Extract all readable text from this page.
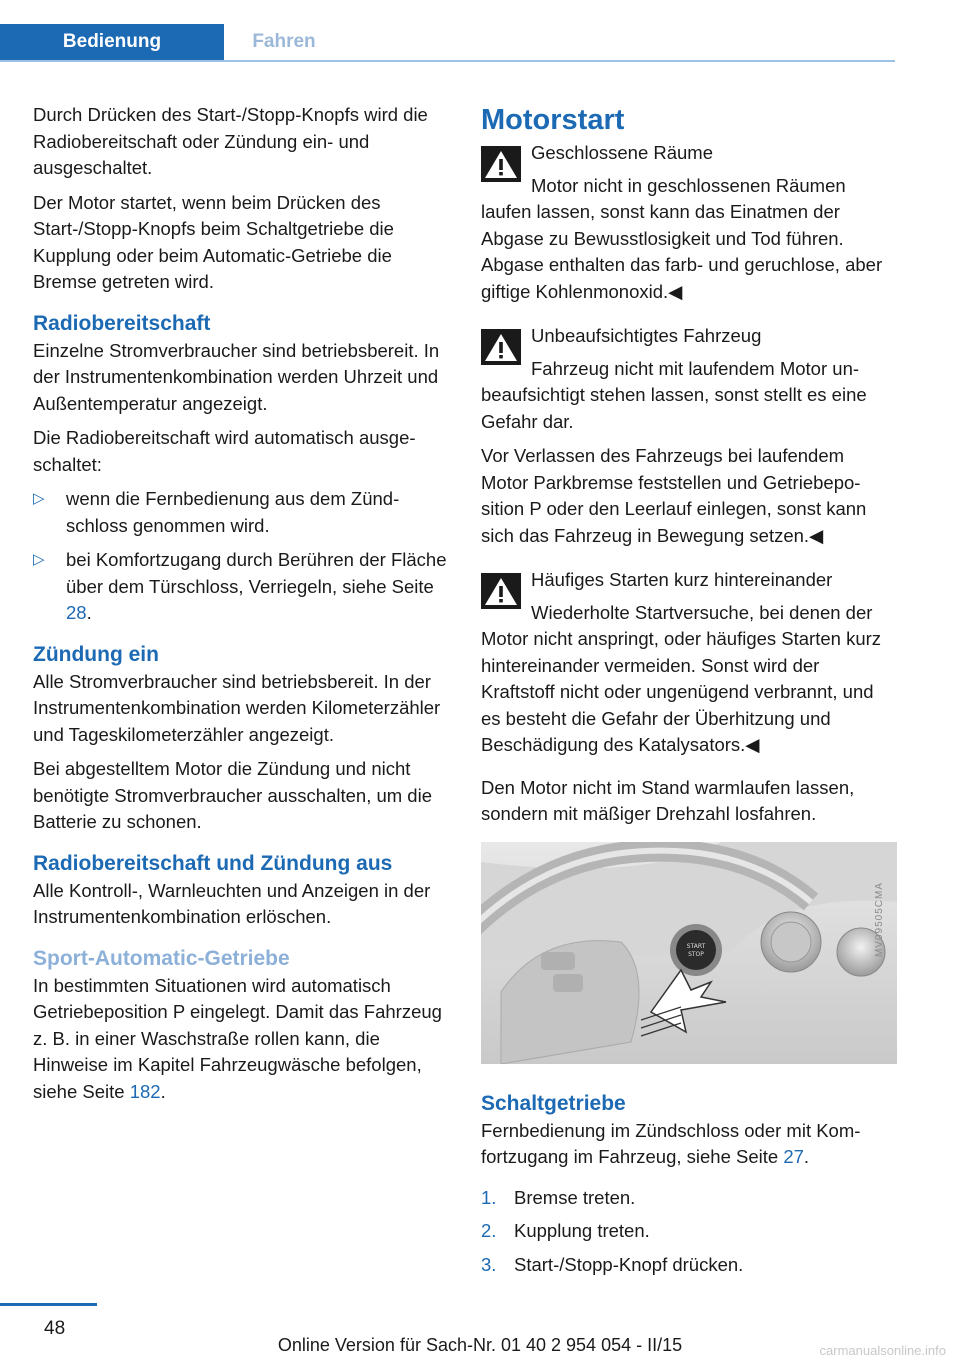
Bedienung	Fahren

Durch Drücken des Start-/Stopp-Knopfs wird die Radiobereitschaft oder Zündung ein- und ausgeschaltet.

Der Motor startet, wenn beim Drücken des Start-/Stopp-Knopfs beim Schaltgetriebe die Kupplung oder beim Automatic-Getriebe die Bremse getreten wird.

Radiobereitschaft

Einzelne Stromverbraucher sind betriebsbereit. In der Instrumentenkombination werden Uhrzeit und Außentemperatur angezeigt.

Die Radiobereitschaft wird automatisch ausgeschaltet:

▷ wenn die Fernbedienung aus dem Zündschloss genommen wird.
▷ bei Komfortzugang durch Berühren der Fläche über dem Türschloss, Verriegeln, siehe Seite 28.
Zündung ein

Alle Stromverbraucher sind betriebsbereit. In der Instrumentenkombination werden Kilometerzähler und Tageskilometerzähler angezeigt.

Bei abgestelltem Motor die Zündung und nicht benötigte Stromverbraucher ausschalten, um die Batterie zu schonen.

Radiobereitschaft und Zündung aus

Alle Kontroll-, Warnleuchten und Anzeigen in der Instrumentenkombination erlöschen.

Sport-Automatic-Getriebe

In bestimmten Situationen wird automatisch Getriebeposition P eingelegt. Damit das Fahrzeug z. B. in einer Waschstraße rollen kann, die Hinweise im Kapitel Fahrzeugwäsche befolgen, siehe Seite 182.

Motorstart

Geschlossene Räume

Motor nicht in geschlossenen Räumen laufen lassen, sonst kann das Einatmen der Abgase zu Bewusstlosigkeit und Tod führen. Abgase enthalten das farb- und geruchlose, aber giftige Kohlenmonoxid.◀

Unbeaufsichtigtes Fahrzeug

Fahrzeug nicht mit laufendem Motor unbeaufsichtigt stehen lassen, sonst stellt es eine Gefahr dar.

Vor Verlassen des Fahrzeugs bei laufendem Motor Parkbremse feststellen und Getriebeposition P oder den Leerlauf einlegen, sonst kann sich das Fahrzeug in Bewegung setzen.◀

Häufiges Starten kurz hintereinander

Wiederholte Startversuche, bei denen der Motor nicht anspringt, oder häufiges Starten kurz hintereinander vermeiden. Sonst wird der Kraftstoff nicht oder ungenügend verbrannt, und es besteht die Gefahr der Überhitzung und Beschädigung des Katalysators.◀

Den Motor nicht im Stand warmlaufen lassen, sondern mit mäßiger Drehzahl losfahren.

START
STOP	MV09505CMA
Schaltgetriebe

Fernbedienung im Zündschloss oder mit Komfortzugang im Fahrzeug, siehe Seite 27.

1. Bremse treten.
2. Kupplung treten.
3. Start-/Stopp-Knopf drücken.
48
Online Version für Sach-Nr. 01 40 2 954 054 - II/15	carmanualsonline.info
